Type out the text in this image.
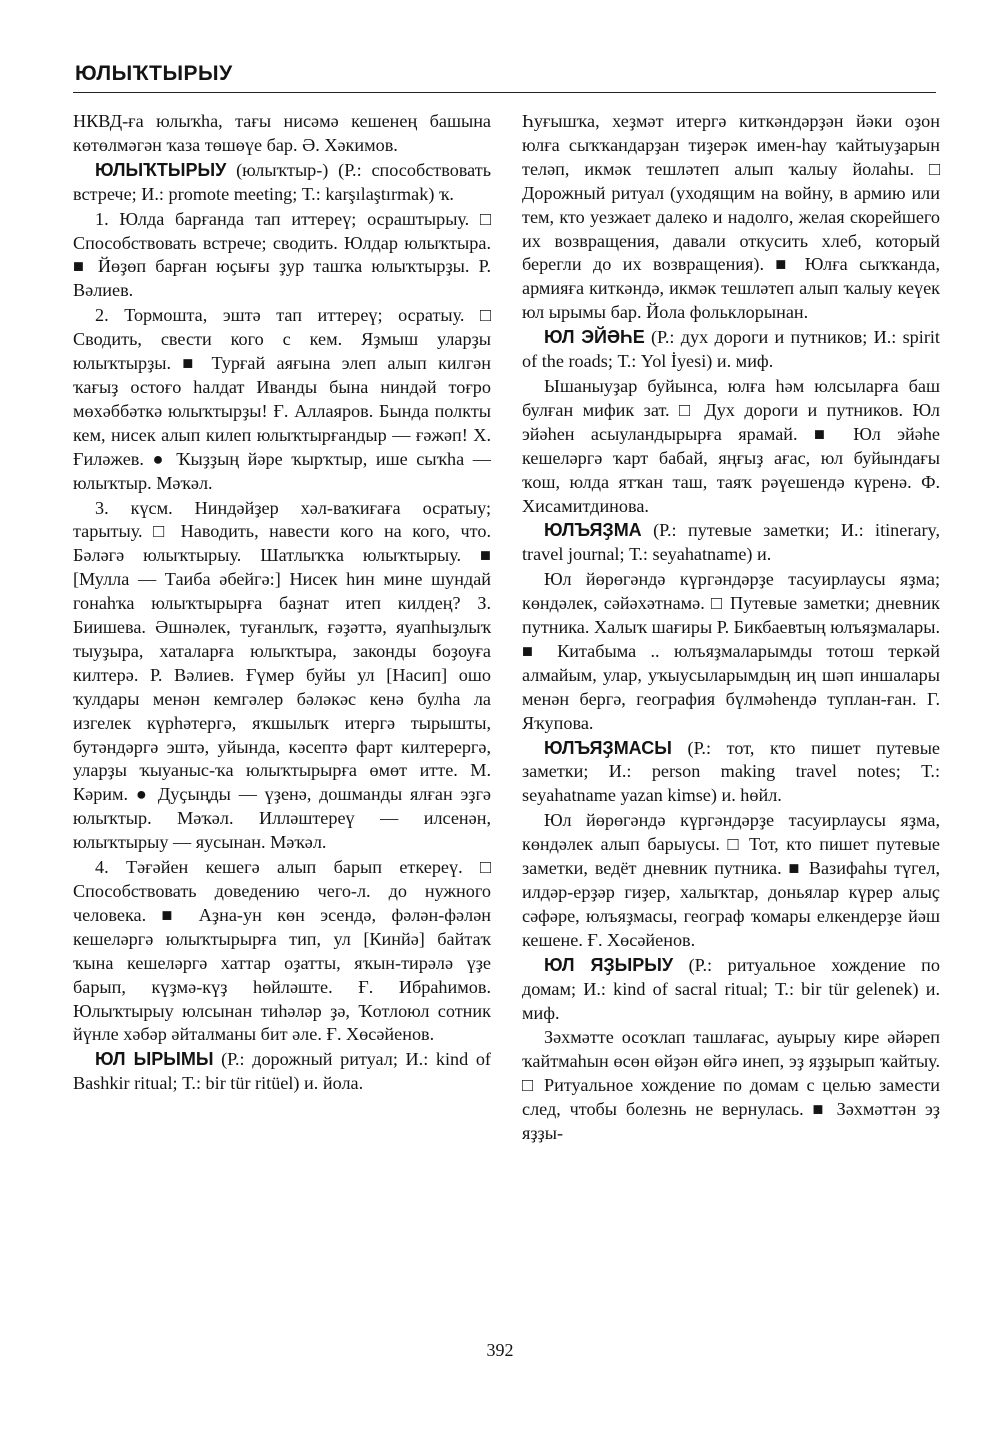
ЮЛЫҠТЫРЫУ

НКВД-ға юлыҡһа, тағы нисәмә кешенең башына көтөлмәгән ҡаза төшөүе бар. Ә. Хәкимов.

ЮЛЫҠТЫРЫУ (юлыҡтыр-) (Р.: способствовать встрече; И.: promote meeting; Т.: karşılaştırmak) ҡ.

1. Юлда барғанда тап иттереү; осраштырыу. □ Способствовать встрече; сводить. Юлдар юлыҡтыра. ■ Йөҙөп барған юҫығы ҙур ташҡа юлыҡтырҙы. Р. Вәлиев.

2. Тормошта, эштә тап иттереү; осратыу. □ Сводить, свести кого с кем. Яҙмыш уларҙы юлыҡтырҙы. ■ Турғай аяғына элеп алып килгән ҡағыҙ остоғо һалдат Иванды бына ниндәй тоғро мөхәббәткә юлыҡтырҙы! Ғ. Аллаяров. Бында полкты кем, нисек алып килеп юлыҡтырғандыр — ғәжәп! Х. Ғиләжев. ● Ҡыҙҙың йәре ҡырҡтыр, ише сыҡһа — юлыҡтыр. Мәҡәл.

3. күсм. Ниндәйҙер хәл-ваҡиғаға осратыу; тарытыу. □ Наводить, навести кого на кого, что. Бәләгә юлыҡтырыу. Шатлыҡҡа юлыҡтырыу. ■ [Мулла — Таиба әбейгә:] Нисек һин мине шундай гонаһҡа юлыҡтырырға баҙнат итеп килдең? З. Биишева. Әшнәлек, туғанлыҡ, ғәҙәттә, яуапһыҙлыҡ тыуҙыра, хаталарға юлыҡтыра, законды боҙоуға килтерә. Р. Вәлиев. Ғүмер буйы ул [Насип] ошо ҡулдары менән кемгәлер бәләкәс кенә булһа ла изгелек күрһәтергә, яҡшылыҡ итергә тырышты, бутәндәргә эштә, уйында, кәсептә фарт килтерергә, уларҙы ҡыуаныс-ҡа юлыҡтырырға өмөт итте. М. Кәрим. ● Дуҫыңды — үҙенә, дошманды ялған эҙгә юлыҡтыр. Мәҡәл. Илләштереү — илсенән, юлыҡтырыу — яусынан. Мәҡәл.

4. Тәғәйен кешегә алып барып еткереү. □ Способствовать доведению чего-л. до нужного человека. ■ Аҙна-ун көн эсендә, фәлән-фәлән кешеләргә юлыҡтырырға тип, ул [Кинйә] байтаҡ ҡына кешеләргә хаттар оҙатты, яҡын-тирәлә үҙе барып, күҙмә-күҙ һөйләште. Ғ. Ибраһимов. Юлыҡтырыу юлсынан тиһәләр ҙә, Ҡотлоюл сотник йүнле хәбәр әйталманы бит әле. Ғ. Хөсәйенов.

ЮЛ ЫРЫМЫ (Р.: дорожный ритуал; И.: kind of Bashkir ritual; Т.: bir tür ritüel) и. йола.

Һуғышҡа, хеҙмәт итергә киткәндәрҙән йәки оҙон юлға сыҡҡандарҙан тиҙерәк имен-һау ҡайтыуҙарын теләп, икмәк тешләтеп алып ҡалыу йолаһы. □ Дорожный ритуал (уходящим на войну, в армию или тем, кто уезжает далеко и надолго, желая скорейшего их возвращения, давали откусить хлеб, который берегли до их возвращения). ■ Юлға сыҡҡанда, армияға киткәндә, икмәк тешләтеп алып ҡалыу кеүек юл ырымы бар. Йола фольклорынан.

ЮЛ ЭЙӘҺЕ (Р.: дух дороги и путников; И.: spirit of the roads; Т.: Yol İyesi) и. миф.

Ышаныуҙар буйынса, юлға һәм юлсыларға баш булған мифик зат. □ Дух дороги и путников. Юл эйәһен асыуландырырға ярамай. ■ Юл эйәһе кешеләргә ҡарт бабай, яңғыҙ ағас, юл буйындағы ҡош, юлда ятҡан таш, таяҡ рәүешендә күренә. Ф. Хисамитдинова.

ЮЛЪЯҘМА (Р.: путевые заметки; И.: itinerary, travel journal; Т.: seyahatname) и.

Юл йөрөгәндә күргәндәрҙе тасуирлаусы яҙма; көндәлек, сәйәхәтнамә. □ Путевые заметки; дневник путника. Халыҡ шағиры Р. Бикбаевтың юлъяҙмалары. ■ Китабыма .. юлъяҙмаларымды тотош теркәй алмайым, улар, уҡыусыларымдың иң шәп иншалары менән бергә, география бүлмәһендә туплан-ған. Г. Яҡупова.

ЮЛЪЯҘМАСЫ (Р.: тот, кто пишет путевые заметки; И.: person making travel notes; Т.: seyahatname yazan kimse) и. һөйл.

Юл йөрөгәндә күргәндәрҙе тасуирлаусы яҙма, көндәлек алып барыусы. □ Тот, кто пишет путевые заметки, ведёт дневник путника. ■ Вазифаһы түгел, илдәр-ерҙәр гиҙер, халыҡтар, доньялар күрер алыҫ сәфәре, юлъяҙмасы, географ ҡомары елкендерҙе йәш кешене. Ғ. Хөсәйенов.

ЮЛ ЯҘЫРЫУ (Р.: ритуальное хождение по домам; И.: kind of sacral ritual; Т.: bir tür gelenek) и. миф.

Зәхмәтте осоҡлап ташлағас, ауырыу кире әйәреп ҡайтмаһын өсөн өйҙән өйгә инеп, эҙ яҙҙырып ҡайтыу. □ Ритуальное хождение по домам с целью замести след, чтобы болезнь не вернулась. ■ Зәхмәттән эҙ яҙҙы-

392
